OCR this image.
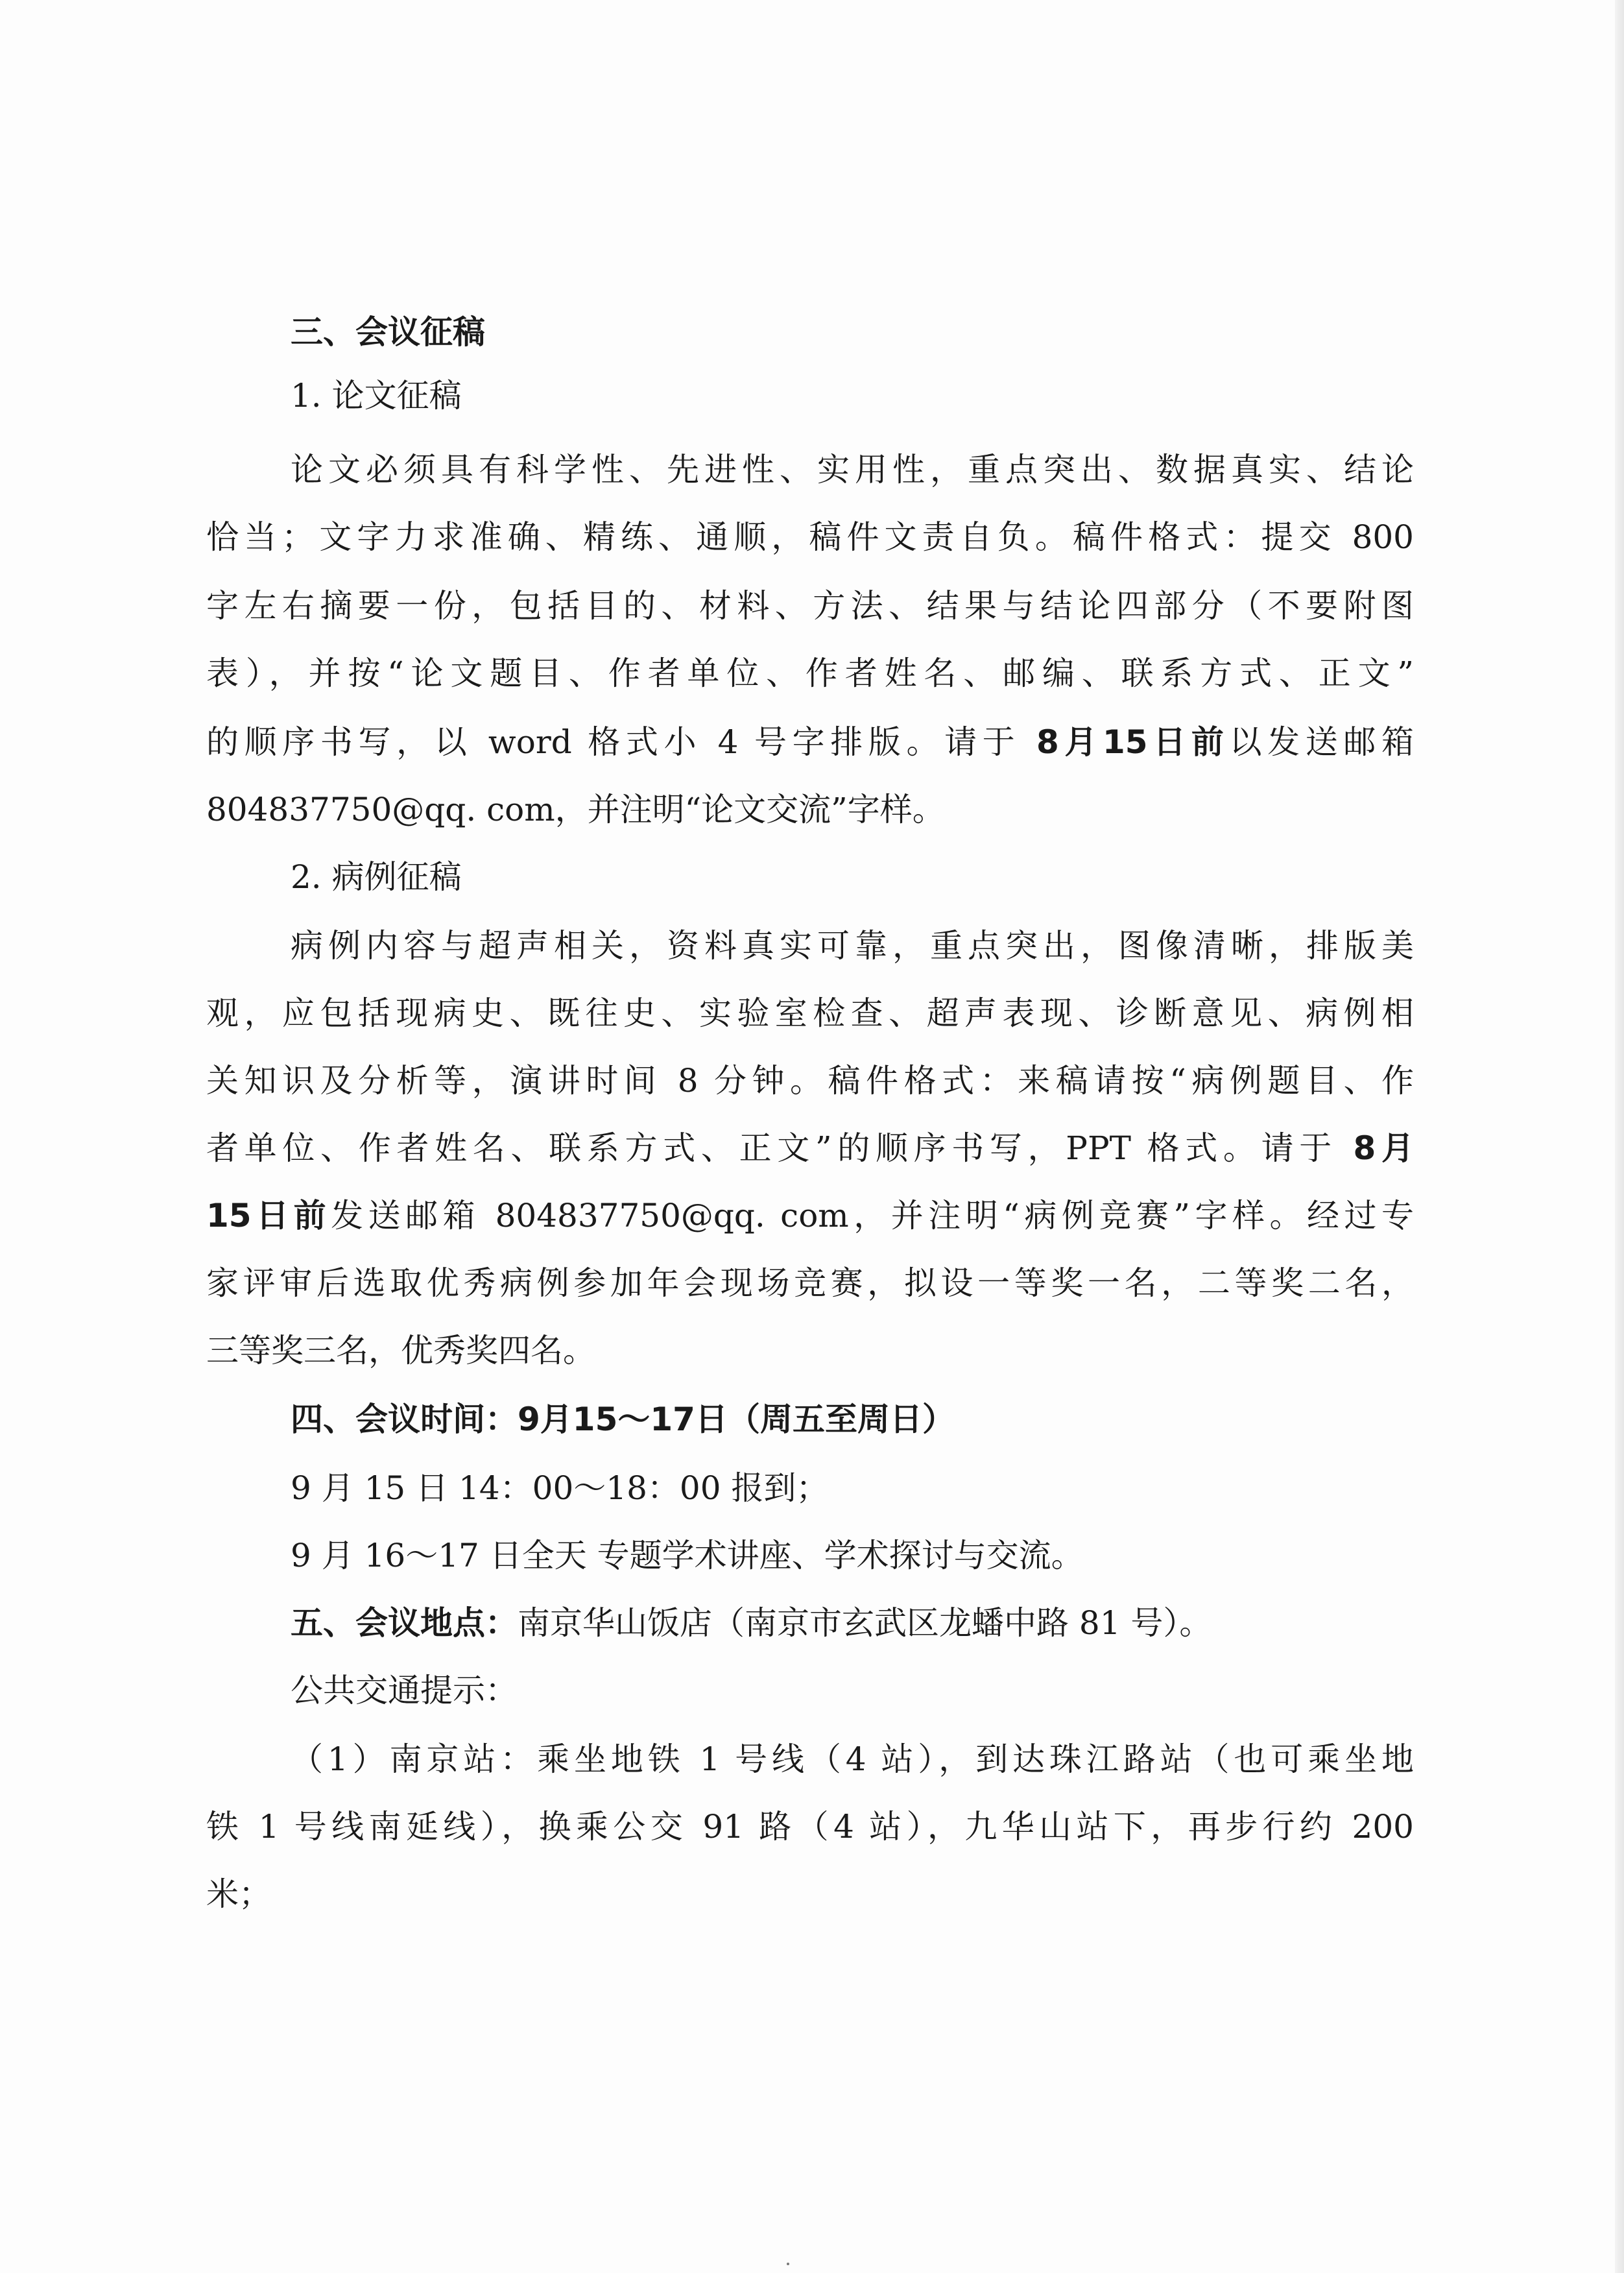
三、会议征稿

1. 论文征稿

论文必须具有科学性、先进性、实用性，重点突出、数据真实、结论

恰当；文字力求准确、精练、通顺，稿件文责自负。稿件格式：提交 800

字左右摘要一份，包括目的、材料、方法、结果与结论四部分（不要附图

表），并按“论文题目、作者单位、作者姓名、邮编、联系方式、正文”

的顺序书写，以 word 格式小 4 号字排版。请于 8月15日前以发送邮箱

804837750@qq. com，并注明“论文交流”字样。

2. 病例征稿

病例内容与超声相关，资料真实可靠，重点突出，图像清晰，排版美

观，应包括现病史、既往史、实验室检查、超声表现、诊断意见、病例相

关知识及分析等，演讲时间 8 分钟。稿件格式：来稿请按“病例题目、作

者单位、作者姓名、联系方式、正文”的顺序书写，PPT 格式。请于 8月

15日前发送邮箱 804837750@qq. com，并注明“病例竞赛”字样。经过专

家评审后选取优秀病例参加年会现场竞赛，拟设一等奖一名，二等奖二名，

三等奖三名，优秀奖四名。

四、会议时间：9月15～17日（周五至周日）

9 月 15 日 14：00～18：00 报到；

9 月 16～17 日全天 专题学术讲座、学术探讨与交流。

五、会议地点：南京华山饭店（南京市玄武区龙蟠中路 81 号）。

公共交通提示：

（1）南京站：乘坐地铁 1 号线（4 站），到达珠江路站（也可乘坐地

铁 1 号线南延线），换乘公交 91 路（4 站），九华山站下，再步行约 200

米；
